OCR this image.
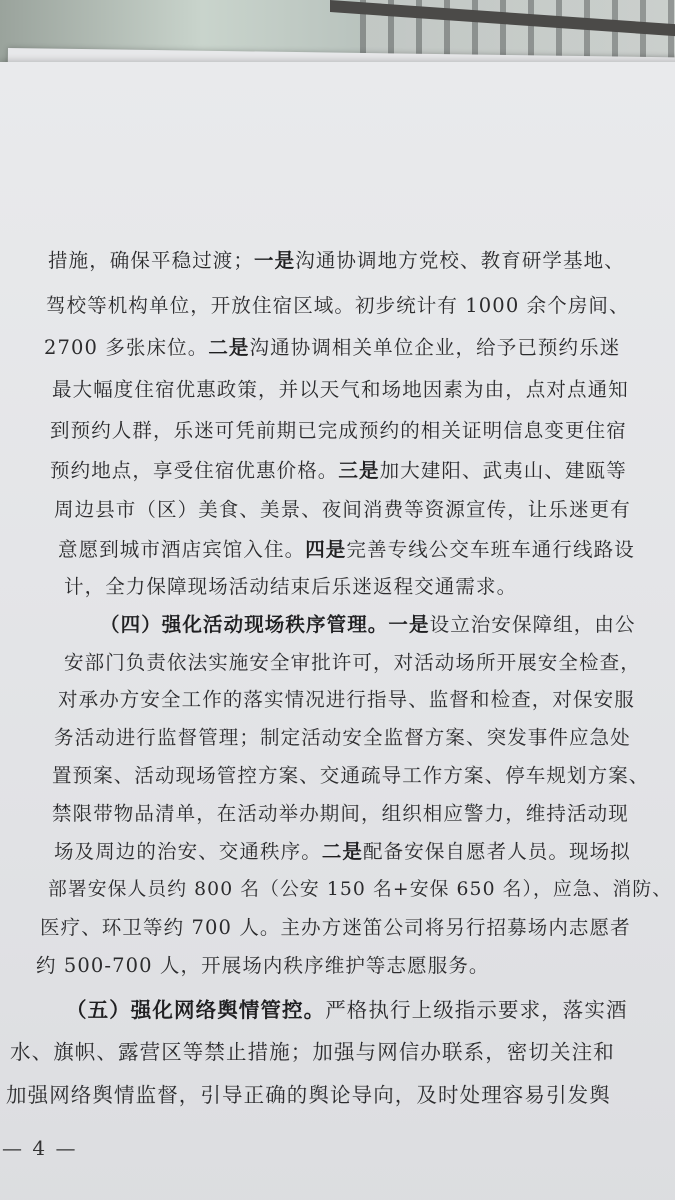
措施，确保平稳过渡；一是沟通协调地方党校、教育研学基地、
驾校等机构单位，开放住宿区域。初步统计有 1000 余个房间、
2700 多张床位。二是沟通协调相关单位企业，给予已预约乐迷
最大幅度住宿优惠政策，并以天气和场地因素为由，点对点通知
到预约人群，乐迷可凭前期已完成预约的相关证明信息变更住宿
预约地点，享受住宿优惠价格。三是加大建阳、武夷山、建瓯等
周边县市（区）美食、美景、夜间消费等资源宣传，让乐迷更有
意愿到城市酒店宾馆入住。四是完善专线公交车班车通行线路设
计，全力保障现场活动结束后乐迷返程交通需求。
（四）强化活动现场秩序管理。一是设立治安保障组，由公
安部门负责依法实施安全审批许可，对活动场所开展安全检查，
对承办方安全工作的落实情况进行指导、监督和检查，对保安服
务活动进行监督管理；制定活动安全监督方案、突发事件应急处
置预案、活动现场管控方案、交通疏导工作方案、停车规划方案、
禁限带物品清单，在活动举办期间，组织相应警力，维持活动现
场及周边的治安、交通秩序。二是配备安保自愿者人员。现场拟
部署安保人员约 800 名（公安 150 名+安保 650 名），应急、消防、
医疗、环卫等约 700 人。主办方迷笛公司将另行招募场内志愿者
约 500-700 人，开展场内秩序维护等志愿服务。
（五）强化网络舆情管控。严格执行上级指示要求，落实酒
水、旗帜、露营区等禁止措施；加强与网信办联系，密切关注和
加强网络舆情监督，引导正确的舆论导向，及时处理容易引发舆
— 4 —
